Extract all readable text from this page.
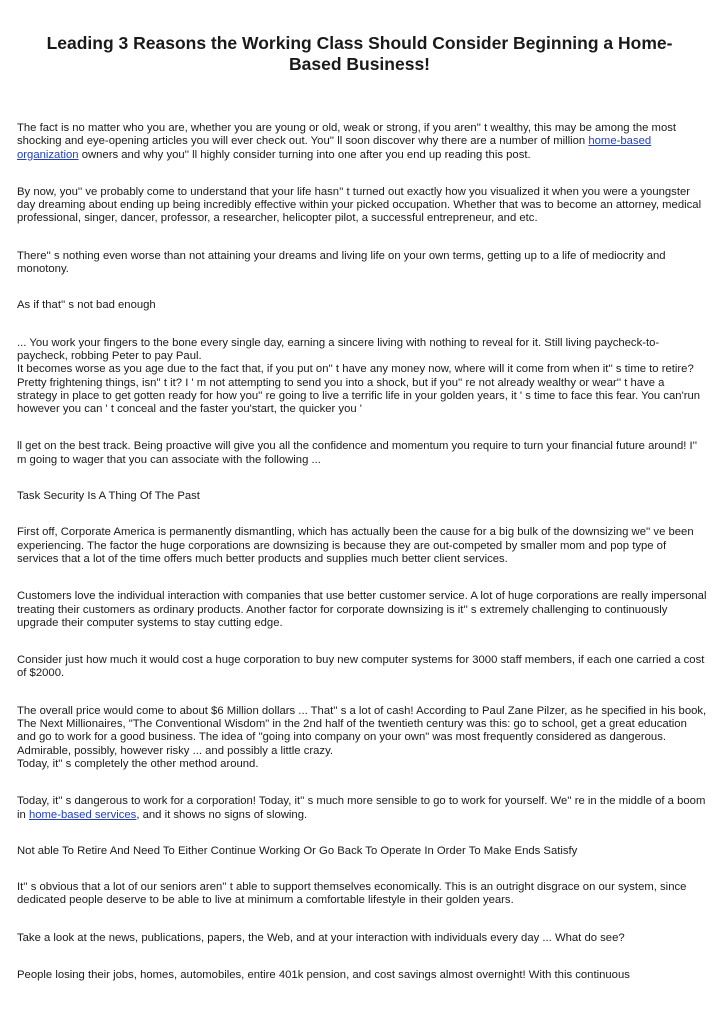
Leading 3 Reasons the Working Class Should Consider Beginning a Home-Based Business!

The fact is no matter who you are, whether you are young or old, weak or strong, if you aren'' t wealthy, this may be among the most shocking and eye-opening articles you will ever check out. You'' ll soon discover why there are a number of million home-based organization owners and why you'' ll highly consider turning into one after you end up reading this post.

By now, you'' ve probably come to understand that your life hasn'' t turned out exactly how you visualized it when you were a youngster day dreaming about ending up being incredibly effective within your picked occupation. Whether that was to become an attorney, medical professional, singer, dancer, professor, a researcher, helicopter pilot, a successful entrepreneur, and etc.

There'' s nothing even worse than not attaining your dreams and living life on your own terms, getting up to a life of mediocrity and monotony.

As if that'' s not bad enough

... You work your fingers to the bone every single day, earning a sincere living with nothing to reveal for it. Still living paycheck-to-paycheck, robbing Peter to pay Paul.
It becomes worse as you age due to the fact that, if you put on'' t have any money now, where will it come from when it'' s time to retire? Pretty frightening things, isn'' t it? I ' m not attempting to send you into a shock, but if you'' re not already wealthy or wear'' t have a strategy in place to get gotten ready for how you'' re going to live a terrific life in your golden years, it ' s time to face this fear. You can'run however you can ' t conceal and the faster you'start, the quicker you '

ll get on the best track. Being proactive will give you all the confidence and momentum you require to turn your financial future around! I'' m going to wager that you can associate with the following ...

Task Security Is A Thing Of The Past

First off, Corporate America is permanently dismantling, which has actually been the cause for a big bulk of the downsizing we'' ve been experiencing. The factor the huge corporations are downsizing is because they are out-competed by smaller mom and pop type of services that a lot of the time offers much better products and supplies much better client services.

Customers love the individual interaction with companies that use better customer service. A lot of huge corporations are really impersonal treating their customers as ordinary products. Another factor for corporate downsizing is it'' s extremely challenging to continuously upgrade their computer systems to stay cutting edge.

Consider just how much it would cost a huge corporation to buy new computer systems for 3000 staff members, if each one carried a cost of $2000.

The overall price would come to about $6 Million dollars ... That'' s a lot of cash! According to Paul Zane Pilzer, as he specified in his book, The Next Millionaires, "The Conventional Wisdom" in the 2nd half of the twentieth century was this: go to school, get a great education and go to work for a good business. The idea of "going into company on your own" was most frequently considered as dangerous. Admirable, possibly, however risky ... and possibly a little crazy.
Today, it'' s completely the other method around.

Today, it'' s dangerous to work for a corporation! Today, it'' s much more sensible to go to work for yourself. We'' re in the middle of a boom in home-based services, and it shows no signs of slowing.

Not able To Retire And Need To Either Continue Working Or Go Back To Operate In Order To Make Ends Satisfy

It'' s obvious that a lot of our seniors aren'' t able to support themselves economically. This is an outright disgrace on our system, since dedicated people deserve to be able to live at minimum a comfortable lifestyle in their golden years.

Take a look at the news, publications, papers, the Web, and at your interaction with individuals every day ... What do see?

People losing their jobs, homes, automobiles, entire 401k pension, and cost savings almost overnight! With this continuous
